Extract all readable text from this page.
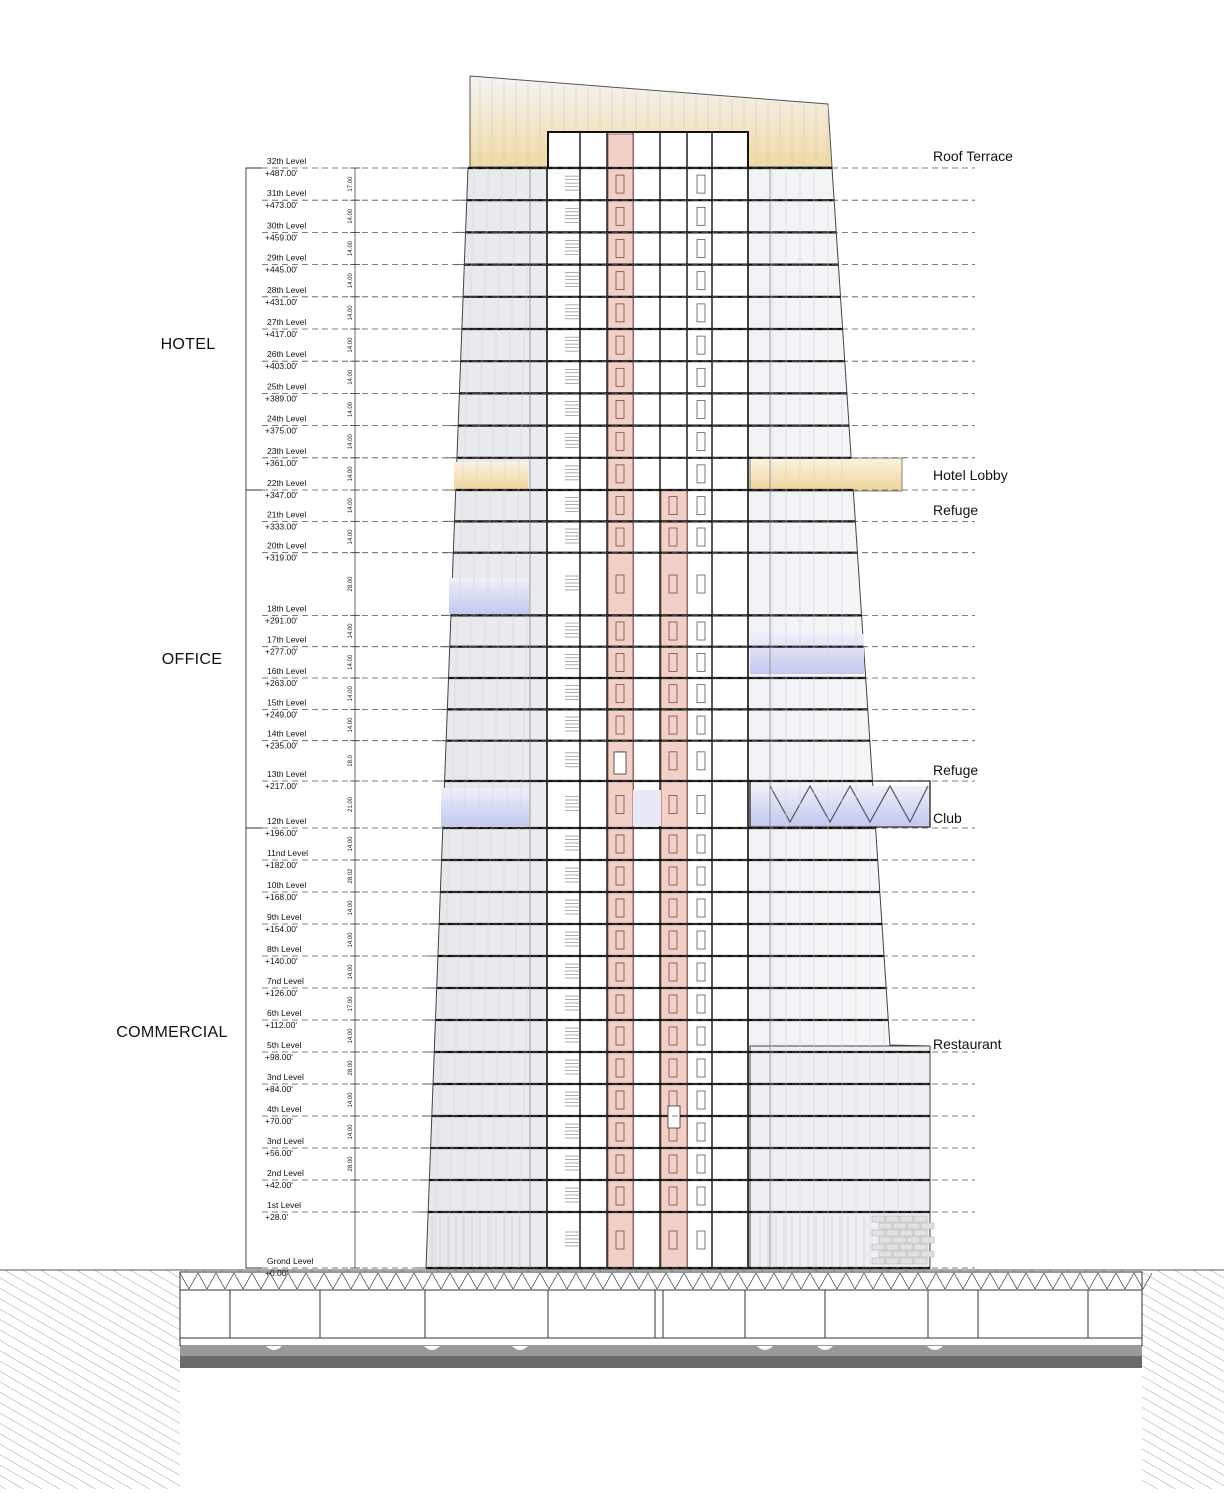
32th Level
+487.00'
31th Level
+473.00'
30th Level
+459.00'
29th Level
+445.00'
28th Level
+431.00'
27th Level
+417.00'
26th Level
+403.00'
25th Level
+389.00'
24th Level
+375.00'
23th Level
+361.00'
22th Level
+347.00'
21th Level
+333.00'
20th Level
+319.00'
18th Level
+291.00'
17th Level
+277.00'
16th Level
+263.00'
15th Level
+249.00'
14th Level
+235.00'
13th Level
+217.00'
12th Level
+196.00'
11nd Level
+182.00'
10th Level
+168.00'
9th Level
+154.00'
8th Level
+140.00'
7nd Level
+126.00'
6th Level
+112.00'
5th Level
+98.00'
3nd Level
+84.00'
4th Level
+70.00'
3nd Level
+56.00'
2nd Level
+42.00'
1st Level
+28.0'
Grond Level
+0.00'
17.00
14.00
14.00
14.00
14.00
14.00
14.00
14.00
14.00
14.00
14.00
14.00
28.00
14.00
14.00
14.00
14.00
18.0
21.00
14.00
28.02
14.00
14.00
14.00
17.00
14.00
28.00
14.00
14.00
28.00
HOTEL
OFFICE
COMMERCIAL
Roof Terrace
Hotel Lobby
Refuge
Refuge
Club
Restaurant
